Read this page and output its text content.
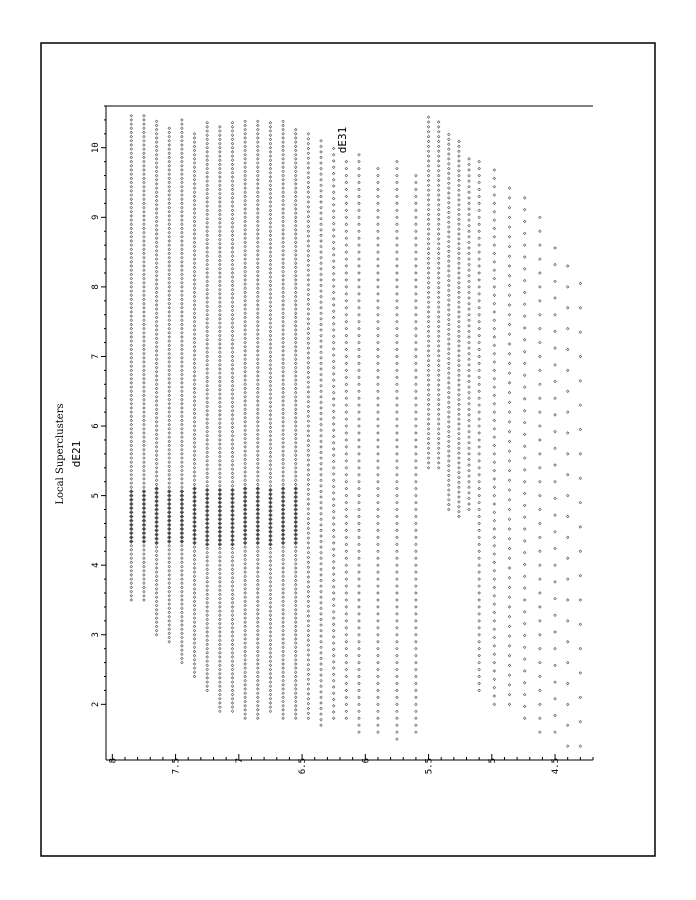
2
3
4
5
6
7
8
9
10
8	7.5	7	6.5	6	5.5	5	4.5
Local Superclusters dE21
dE31
